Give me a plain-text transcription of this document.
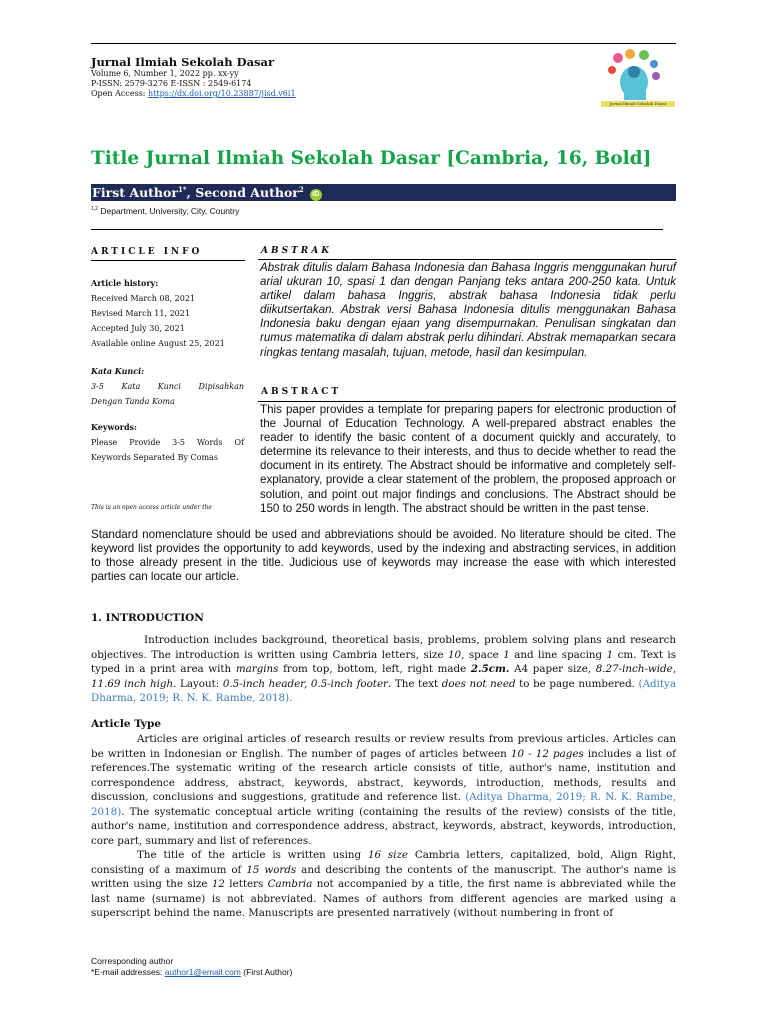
Jurnal Ilmiah Sekolah Dasar
Volume 6, Number 1, 2022 pp. xx-yy
P-ISSN: 2579-3276 E-ISSN : 2549-6174
Open Access: https://dx.doi.org/10.23887/jisd.v6i1
Jurnal Ilmiah Sekolah Dasar
Title Jurnal Ilmiah Sekolah Dasar [Cambria, 16, Bold]
First Author$^{1*}$, Second Author$^2$iD
$^{1,2}$ Department, University, City, Country
ARTICLE INFO
Article history:
Received March 08, 2021
Revised March 11, 2021
Accepted July 30, 2021
Available online August 25, 2021
Kata Kunci:
3-5 Kata Kunci Dipisahkan
Dengan Tanda Koma
Keywords:
Please Provide 3-5 Words Of
Keywords Separated By Comas
This is an open access article under the
ABSTRAK
Abstrak ditulis dalam Bahasa Indonesia dan Bahasa Inggris menggunakan huruf arial ukuran 10, spasi 1 dan dengan Panjang teks antara 200-250 kata. Untuk artikel dalam bahasa Inggris, abstrak bahasa Indonesia tidak perlu diikutsertakan. Abstrak versi Bahasa Indonesia ditulis menggunakan Bahasa Indonesia baku dengan ejaan yang disempurnakan. Penulisan singkatan dan rumus matematika di dalam abstrak perlu dihindari. Abstrak memaparkan secara ringkas tentang masalah, tujuan, metode, hasil dan kesimpulan.
ABSTRACT
This paper provides a template for preparing papers for electronic production of the Journal of Education Technology. A well-prepared abstract enables the reader to identify the basic content of a document quickly and accurately, to determine its relevance to their interests, and thus to decide whether to read the document in its entirety. The Abstract should be informative and completely self-explanatory, provide a clear statement of the problem, the proposed approach or solution, and point out major findings and conclusions. The Abstract should be 150 to 250 words in length. The abstract should be written in the past tense.
Standard nomenclature should be used and abbreviations should be avoided. No literature should be cited. The keyword list provides the opportunity to add keywords, used by the indexing and abstracting services, in addition to those already present in the title. Judicious use of keywords may increase the ease with which interested parties can locate our article.
1. INTRODUCTION
Introduction includes background, theoretical basis, problems, problem solving plans and research objectives. The introduction is written using Cambria letters, size 10, space 1 and line spacing 1 cm. Text is typed in a print area with margins from top, bottom, left, right made 2.5cm. A4 paper size, 8.27-inch-wide, 11.69 inch high. Layout: 0.5-inch header, 0.5-inch footer. The text does not need to be page numbered. (Aditya Dharma, 2019; R. N. K. Rambe, 2018).
Article Type
Articles are original articles of research results or review results from previous articles. Articles can be written in Indonesian or English. The number of pages of articles between 10 - 12 pages includes a list of references.The systematic writing of the research article consists of title, author's name, institution and correspondence address, abstract, keywords, abstract, keywords, introduction, methods, results and discussion, conclusions and suggestions, gratitude and reference list. (Aditya Dharma, 2019; R. N. K. Rambe, 2018). The systematic conceptual article writing (containing the results of the review) consists of the title, author's name, institution and correspondence address, abstract, keywords, abstract, keywords, introduction, core part, summary and list of references.
The title of the article is written using 16 size Cambria letters, capitalized, bold, Align Right, consisting of a maximum of 15 words and describing the contents of the manuscript. The author's name is written using the size 12 letters Cambria not accompanied by a title, the first name is abbreviated while the last name (surname) is not abbreviated. Names of authors from different agencies are marked using a superscript behind the name. Manuscripts are presented narratively (without numbering in front of
Corresponding author
*E-mail addresses: author1@email.com (First Author)
